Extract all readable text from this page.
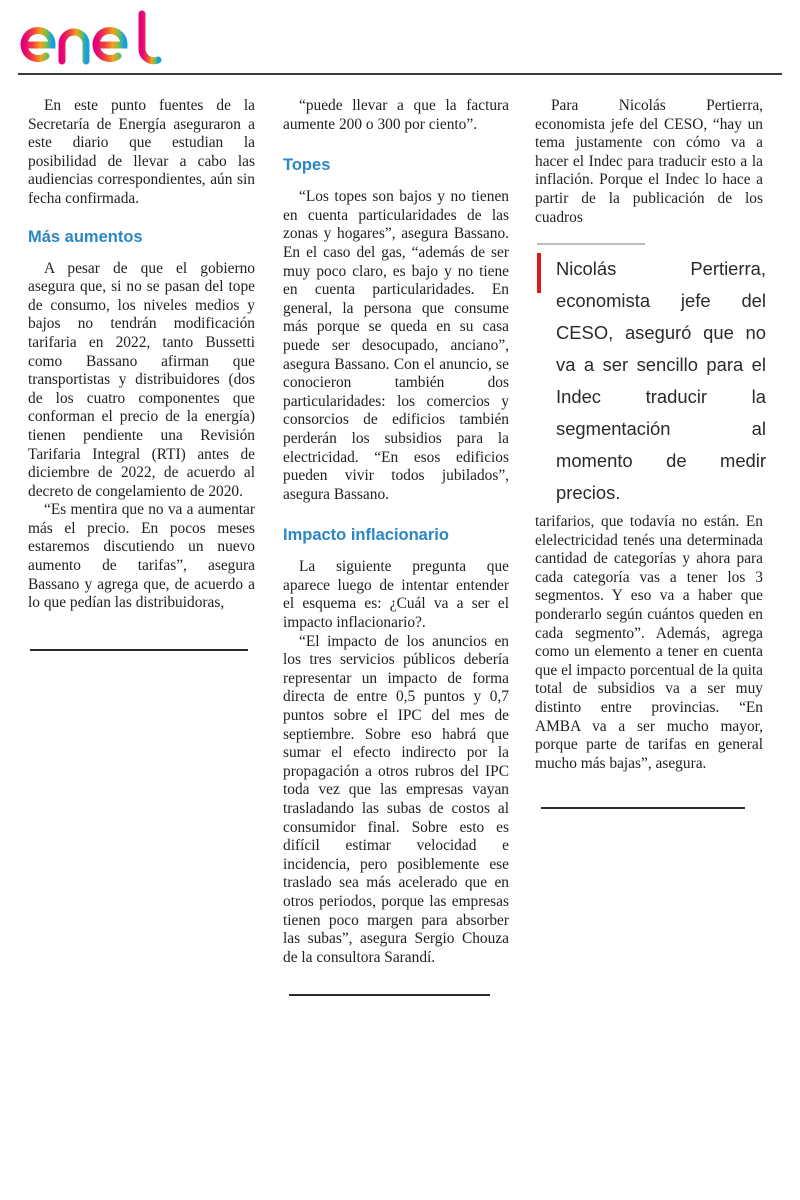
En este punto fuentes de la Secretaría de Energía aseguraron a este diario que estudian la posibilidad de llevar a cabo las audiencias correspondientes, aún sin fecha confirmada.

Más aumentos

A pesar de que el gobierno asegura que, si no se pasan del tope de consumo, los niveles medios y bajos no tendrán modificación tarifaria en 2022, tanto Bussetti como Bassano afirman que transportistas y distribuidores (dos de los cuatro componentes que conforman el precio de la energía) tienen pendiente una Revisión Tarifaria Integral (RTI) antes de diciembre de 2022, de acuerdo al decreto de congelamiento de 2020.

“Es mentira que no va a aumentar más el precio. En pocos meses estaremos discutiendo un nuevo aumento de tarifas”, asegura Bassano y agrega que, de acuerdo a lo que pedían las distribuidoras,

“puede llevar a que la factura aumente 200 o 300 por ciento”.

Topes

“Los topes son bajos y no tienen en cuenta particularidades de las zonas y hogares”, asegura Bassano. En el caso del gas, “además de ser muy poco claro, es bajo y no tiene en cuenta particularidades. En general, la persona que consume más porque se queda en su casa puede ser desocupado, anciano”, asegura Bassano. Con el anuncio, se conocieron también dos particularidades: los comercios y consorcios de edificios también perderán los subsidios para la electricidad. “En esos edificios pueden vivir todos jubilados”, asegura Bassano.

Impacto inflacionario

La siguiente pregunta que aparece luego de intentar entender el esquema es: ¿Cuál va a ser el impacto inflacionario?.

“El impacto de los anuncios en los tres servicios públicos debería representar un impacto de forma directa de entre 0,5 puntos y 0,7 puntos sobre el IPC del mes de septiembre. Sobre eso habrá que sumar el efecto indirecto por la propagación a otros rubros del IPC toda vez que las empresas vayan trasladando las subas de costos al consumidor final. Sobre esto es difícil estimar velocidad e incidencia, pero posiblemente ese traslado sea más acelerado que en otros periodos, porque las empresas tienen poco margen para absorber las subas”, asegura Sergio Chouza de la consultora Sarandí.

Para Nicolás Pertierra, economista jefe del CESO, “hay un tema justamente con cómo va a hacer el Indec para traducir esto a la inflación. Porque el Indec lo hace a partir de la publicación de los cuadros

Nicolás Pertierra, economista jefe del CESO, aseguró que no va a ser sencillo para el Indec traducir la segmentación al momento de medir precios.

tarifarios, que todavía no están. En elelectricidad tenés una determinada cantidad de categorías y ahora para cada categoría vas a tener los 3 segmentos. Y eso va a haber que ponderarlo según cuántos queden en cada segmento”. Además, agrega como un elemento a tener en cuenta que el impacto porcentual de la quita total de subsidios va a ser muy distinto entre provincias. “En AMBA va a ser mucho mayor, porque parte de tarifas en general mucho más bajas”, asegura.
